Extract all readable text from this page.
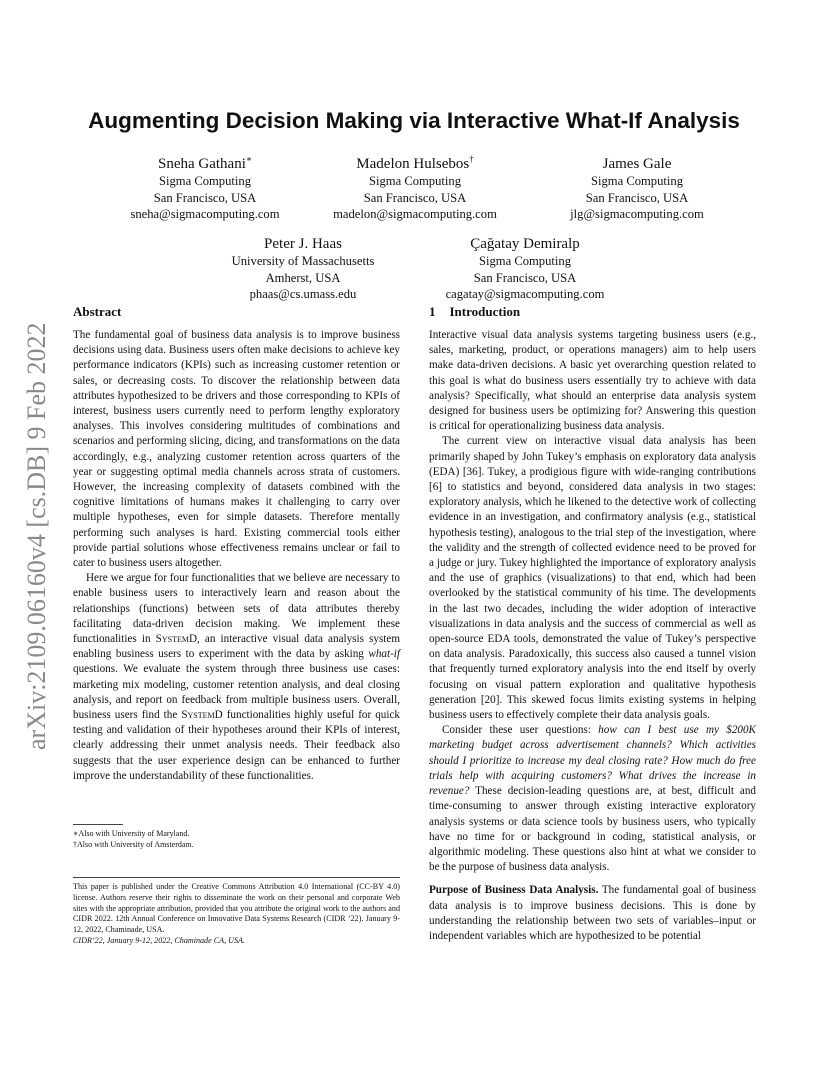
arXiv:2109.06160v4 [cs.DB] 9 Feb 2022
Augmenting Decision Making via Interactive What-If Analysis
Sneha Gathani∗
Sigma Computing
San Francisco, USA
sneha@sigmacomputing.com
Madelon Hulsebos†
Sigma Computing
San Francisco, USA
madelon@sigmacomputing.com
James Gale
Sigma Computing
San Francisco, USA
jlg@sigmacomputing.com
Peter J. Haas
University of Massachusetts
Amherst, USA
phaas@cs.umass.edu
Çağatay Demiralp
Sigma Computing
San Francisco, USA
cagatay@sigmacomputing.com
Abstract

The fundamental goal of business data analysis is to improve business decisions using data. Business users often make decisions to achieve key performance indicators (KPIs) such as increasing customer retention or sales, or decreasing costs. To discover the relationship between data attributes hypothesized to be drivers and those corresponding to KPIs of interest, business users currently need to perform lengthy exploratory analyses. This involves considering multitudes of combinations and scenarios and performing slicing, dicing, and transformations on the data accordingly, e.g., analyzing customer retention across quarters of the year or suggesting optimal media channels across strata of customers. However, the increasing complexity of datasets combined with the cognitive limitations of humans makes it challenging to carry over multiple hypotheses, even for simple datasets. Therefore mentally performing such analyses is hard. Existing commercial tools either provide partial solutions whose effectiveness remains unclear or fail to cater to business users altogether.

Here we argue for four functionalities that we believe are necessary to enable business users to interactively learn and reason about the relationships (functions) between sets of data attributes thereby facilitating data-driven decision making. We implement these functionalities in SystemD, an interactive visual data analysis system enabling business users to experiment with the data by asking what-if questions. We evaluate the system through three business use cases: marketing mix modeling, customer retention analysis, and deal closing analysis, and report on feedback from multiple business users. Overall, business users find the SystemD functionalities highly useful for quick testing and validation of their hypotheses around their KPIs of interest, clearly addressing their unmet analysis needs. Their feedback also suggests that the user experience design can be enhanced to further improve the understandability of these functionalities.

∗Also with University of Maryland.
†Also with University of Amsterdam.
This paper is published under the Creative Commons Attribution 4.0 International (CC-BY 4.0) license. Authors reserve their rights to disseminate the work on their personal and corporate Web sites with the appropriate attribution, provided that you attribute the original work to the authors and CIDR 2022. 12th Annual Conference on Innovative Data Systems Research (CIDR ’22). January 9-12, 2022, Chaminade, USA.
CIDR’22, January 9-12, 2022, Chaminade CA, USA.
1 Introduction

Interactive visual data analysis systems targeting business users (e.g., sales, marketing, product, or operations managers) aim to help users make data-driven decisions. A basic yet overarching question related to this goal is what do business users essentially try to achieve with data analysis? Specifically, what should an enterprise data analysis system designed for business users be optimizing for? Answering this question is critical for operationalizing business data analysis.

The current view on interactive visual data analysis has been primarily shaped by John Tukey’s emphasis on exploratory data analysis (EDA) [36]. Tukey, a prodigious figure with wide-ranging contributions [6] to statistics and beyond, considered data analysis in two stages: exploratory analysis, which he likened to the detective work of collecting evidence in an investigation, and confirmatory analysis (e.g., statistical hypothesis testing), analogous to the trial step of the investigation, where the validity and the strength of collected evidence need to be proved for a judge or jury. Tukey highlighted the importance of exploratory analysis and the use of graphics (visualizations) to that end, which had been overlooked by the statistical community of his time. The developments in the last two decades, including the wider adoption of interactive visualizations in data analysis and the success of commercial as well as open-source EDA tools, demonstrated the value of Tukey’s perspective on data analysis. Paradoxically, this success also caused a tunnel vision that frequently turned exploratory analysis into the end itself by overly focusing on visual pattern exploration and qualitative hypothesis generation [20]. This skewed focus limits existing systems in helping business users to effectively complete their data analysis goals.

Consider these user questions: how can I best use my $200K marketing budget across advertisement channels? Which activities should I prioritize to increase my deal closing rate? How much do free trials help with acquiring customers? What drives the increase in revenue? These decision-leading questions are, at best, difficult and time-consuming to answer through existing interactive exploratory analysis systems or data science tools by business users, who typically have no time for or background in coding, statistical analysis, or algorithmic modeling. These questions also hint at what we consider to be the purpose of business data analysis.

Purpose of Business Data Analysis. The fundamental goal of business data analysis is to improve business decisions. This is done by understanding the relationship between two sets of variables–input or independent variables which are hypothesized to be potential
